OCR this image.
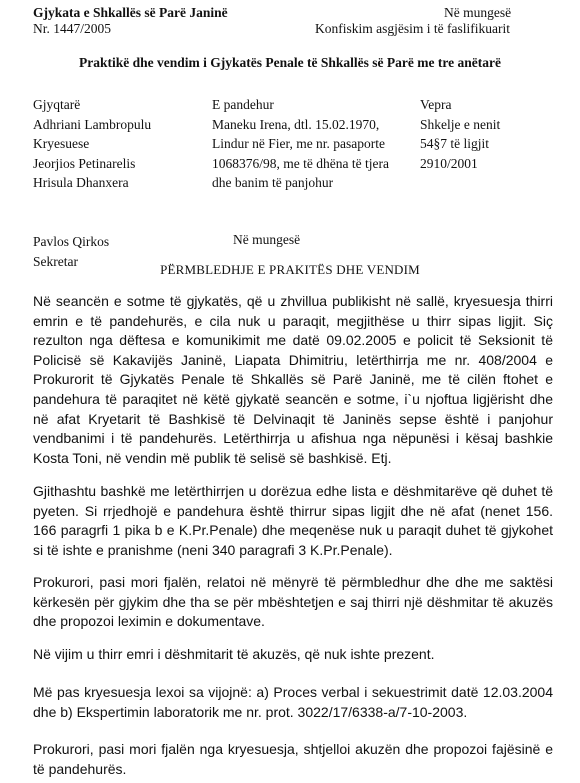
Gjykata e Shkallës së Parë Janinë
Nr. 1447/2005
Në mungesë
Konfiskim asgjësim i të faslifikuarit
Praktikë dhe vendim i Gjykatës Penale të Shkallës së Parë me tre anëtarë
Gjyqtarë
Adhriani Lambropulu
Kryesuese
Jeorjios Petinarelis
Hrisula Dhanxera
E pandehur
Maneku Irena, dtl. 15.02.1970,
Lindur në Fier, me nr. pasaporte
1068376/98, me të dhëna të tjera
dhe banim të panjohur
Vepra
Shkelje e nenit
54§7 të ligjit
2910/2001
Pavlos Qirkos
Sekretar
Në mungesë
PËRMBLEDHJE E PRAKITËS DHE VENDIM

Në seancën e sotme të gjykatës, që u zhvillua publikisht në sallë, kryesuesja thirri emrin e të pandehurës, e cila nuk u paraqit, megjithëse u thirr sipas ligjit. Siç rezulton nga dëftesa e komunikimit me datë 09.02.2005 e policit të Seksionit të Policisë së Kakavijës Janinë, Liapata Dhimitriu, letërthirrja me nr. 408/2004 e Prokurorit të Gjykatës Penale të Shkallës së Parë Janinë, me të cilën ftohet e pandehura të paraqitet në këtë gjykatë seancën e sotme, i`u njoftua ligjërisht dhe në afat Kryetarit të Bashkisë të Delvinaqit të Janinës sepse është i panjohur vendbanimi i të pandehurës. Letërthirrja u afishua nga nëpunësi i kësaj bashkie Kosta Toni, në vendin më publik të selisë së bashkisë. Etj.

Gjithashtu bashkë me letërthirrjen u dorëzua edhe lista e dëshmitarëve që duhet të pyeten. Si rrjedhojë e pandehura është thirrur sipas ligjit dhe në afat (nenet 156. 166 paragrfi 1 pika b e K.Pr.Penale) dhe meqenëse nuk u paraqit duhet të gjykohet si të ishte e pranishme (neni 340 paragrafi 3 K.Pr.Penale).

Prokurori, pasi mori fjalën, relatoi në mënyrë të përmbledhur dhe dhe me saktësi kërkesën për gjykim dhe tha se për mbështetjen e saj thirri një dëshmitar të akuzës dhe propozoi leximin e dokumentave.

Në vijim u thirr emri i dëshmitarit të akuzës, që nuk ishte prezent.

Më pas kryesuesja lexoi sa vijojnë: a) Proces verbal i sekuestrimit datë 12.03.2004 dhe b) Ekspertimin laboratorik me nr. prot. 3022/17/6338-a/7-10-2003.

Prokurori, pasi mori fjalën nga kryesuesja, shtjelloi akuzën dhe propozoi fajësinë e të pandehurës.
